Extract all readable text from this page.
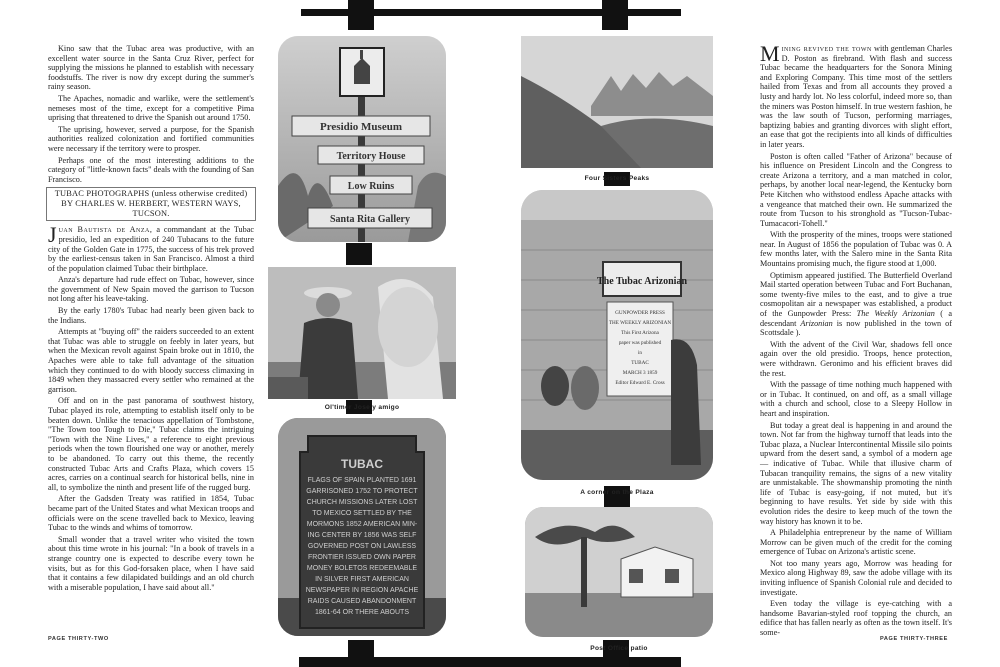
Kino saw that the Tubac area was productive, with an excellent water source in the Santa Cruz River, perfect for supplying the missions he planned to establish with necessary foodstuffs. The river is now dry except during the summer's rainy season.

The Apaches, nomadic and warlike, were the settlement's nemeses most of the time, except for a competitive Pima uprising that threatened to drive the Spanish out around 1750.

The uprising, however, served a purpose, for the Spanish authorities realized colonization and fortified communities were necessary if the territory were to prosper.

Perhaps one of the most interesting additions to the category of "little-known facts" deals with the founding of San Francisco.

TUBAC PHOTOGRAPHS (unless otherwise credited)
BY CHARLES W. HERBERT, WESTERN WAYS, TUCSON.

Juan Bautista de Anza, a commandant at the Tubac presidio, led an expedition of 240 Tubacans to the future city of the Golden Gate in 1775, the success of his trek proved by the earliest-census taken in San Francisco. Almost a third of the population claimed Tubac their birthplace.

Anza's departure had rude effect on Tubac, however, since the government of New Spain moved the garrison to Tucson not long after his leave-taking.

By the early 1780's Tubac had nearly been given back to the Indians.

Attempts at "buying off" the raiders succeeded to an extent that Tubac was able to struggle on feebly in later years, but when the Mexican revolt against Spain broke out in 1810, the Apaches were able to take full advantage of the situation which they continued to do with bloody success climaxing in 1849 when they massacred every settler who remained at the garrison.

Off and on in the past panorama of southwest history, Tubac played its role, attempting to establish itself only to be beaten down. Unlike the tenacious appellation of Tombstone, "The Town too Tough to Die," Tubac claims the intriguing "Town with the Nine Lives," a reference to eight previous periods when the town flourished one way or another, merely to be abandoned. To carry out this theme, the recently constructed Tubac Arts and Crafts Plaza, which covers 15 acres, carries on a continual search for historical bells, nine in all, to symbolize the ninth and present life of the rugged burg.

After the Gadsden Treaty was ratified in 1854, Tubac became part of the United States and what Mexican troops and officials were on the scene travelled back to Mexico, leaving Tubac to the winds and whims of tomorrow.

Small wonder that a travel writer who visited the town about this time wrote in his journal: "In a book of travels in a strange country one is expected to describe every town he visits, but as for this God-forsaken place, when I have said that it contains a few dilapidated buildings and an old church with a miserable population, I have said about all."

Mining revived the town with gentleman Charles D. Poston as firebrand. With flash and success Tubac became the headquarters for the Sonora Mining and Exploring Company. This time most of the settlers hailed from Texas and from all accounts they proved a lusty and hardy lot. No less colorful, indeed more so, than the miners was Poston himself. In true western fashion, he was the law south of Tucson, performing marriages, baptizing babies and granting divorces with slight effort, an ease that got the recipients into all kinds of difficulties in later years.

Poston is often called "Father of Arizona" because of his influence on President Lincoln and the Congress to create Arizona a territory, and a man matched in color, perhaps, by another local near-legend, the Kentucky born Pete Kitchen who withstood endless Apache attacks with a vengeance that matched their own. He summarized the route from Tucson to his stronghold as "Tucson-Tubac-Tumacacori-Tohell."

With the prosperity of the mines, troops were stationed near. In August of 1856 the population of Tubac was 0. A few months later, with the Salero mine in the Santa Rita Mountains promising much, the figure stood at 1,000.

Optimism appeared justified. The Butterfield Overland Mail started operation between Tubac and Fort Buchanan, some twenty-five miles to the east, and to give a true cosmopolitan air a newspaper was established, a product of the Gunpowder Press: The Weekly Arizonian ( a descendant Arizonian is now published in the town of Scottsdale ).

With the advent of the Civil War, shadows fell once again over the old presidio. Troops, hence protection, were withdrawn. Geronimo and his efficient braves did the rest.

With the passage of time nothing much happened with or in Tubac. It continued, on and off, as a small village with a church and school, close to a Sleepy Hollow in heart and inspiration.

But today a great deal is happening in and around the town. Not far from the highway turnoff that leads into the Tubac plaza, a Nuclear Intercontinental Missile silo points upward from the desert sand, a symbol of a modern age — indicative of Tubac. While that illusive charm of Tubacan tranquility remains, the signs of a new vitality are unmistakable. The showmanship promoting the ninth life of Tubac is easy-going, if not muted, but it's beginning to have results. Yet side by side with this evolution rides the desire to keep much of the town the way history has known it to be.

A Philadelphia entrepreneur by the name of William Morrow can be given much of the credit for the coming emergence of Tubac on Arizona's artistic scene.

Not too many years ago, Morrow was heading for Mexico along Highway 89, saw the adobe village with its inviting influence of Spanish Colonial rule and decided to investigate.

Even today the village is eye-catching with a handsome Bavarian-styled roof topping the church, an edifice that has fallen nearly as often as the town itself. It's some-

Presidio Museum
Territory House
Low Ruins
Santa Rita Gallery
Ol'timer Jose y amigo
TUBAC
FLAGS OF SPAIN PLANTED 1691
GARRISONED 1752 TO PROTECT
CHURCH MISSIONS LATER LOST
TO MEXICO SETTLED BY THE
MORMONS 1852 AMERICAN MIN-
ING CENTER BY 1856 WAS SELF
GOVERNED POST ON LAWLESS
FRONTIER ISSUED OWN PAPER
MONEY BOLETOS REDEEMABLE
IN SILVER FIRST AMERICAN
NEWSPAPER IN REGION APACHE
RAIDS CAUSED ABANDONMENT
1861-64 OR THERE ABOUTS
Four Sisters Peaks
The Tubac Arizonian
GUNPOWDER PRESS
THE WEEKLY ARIZONIAN
This First Arizona
paper was published
in
TUBAC
MARCH 3 1859
Editor Edward E. Cross
A corner on the Plaza
Post Office patio
PAGE THIRTY-TWO	PAGE THIRTY-THREE
